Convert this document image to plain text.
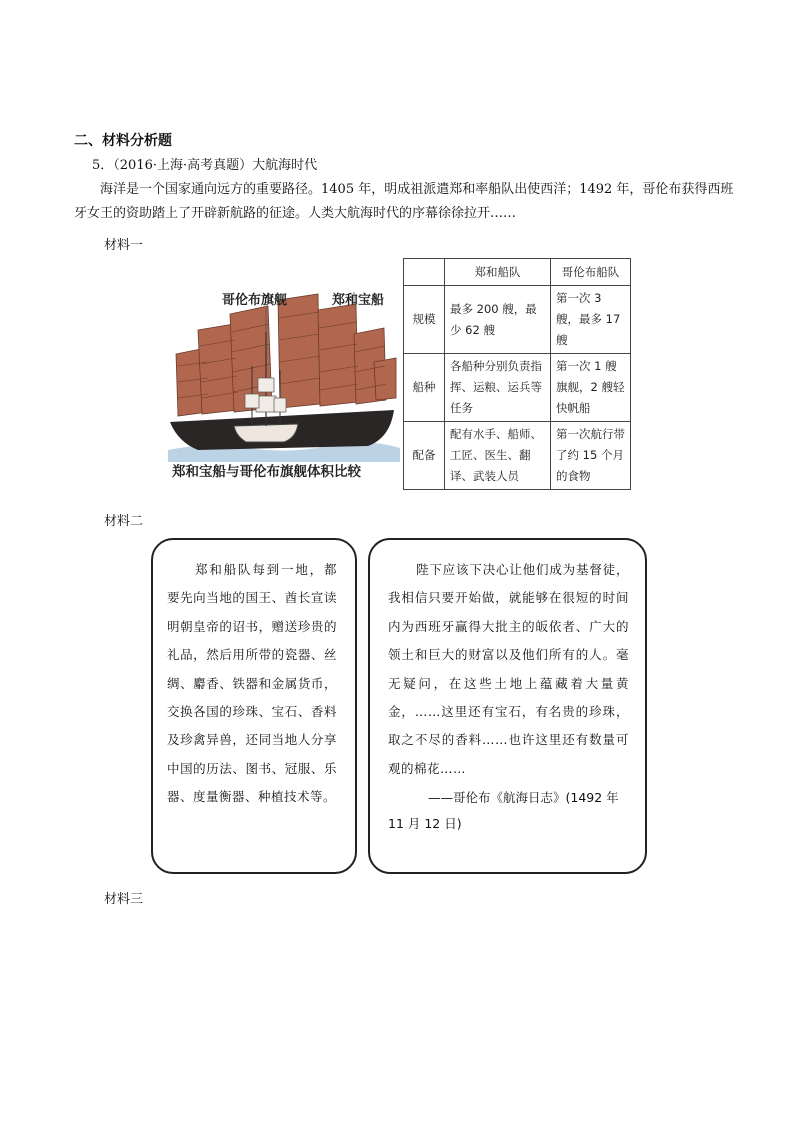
二、材料分析题
5．（2016·上海·高考真题）大航海时代
海洋是一个国家通向远方的重要路径。1405 年，明成祖派遣郑和率船队出使西洋；1492 年，哥伦布获得西班牙女王的资助踏上了开辟新航路的征途。人类大航海时代的序幕徐徐拉开……
材料一
哥伦布旗舰	郑和宝船
郑和宝船与哥伦布旗舰体积比较
	郑和船队	哥伦布船队
规模	最多 200 艘，最少 62 艘	第一次 3 艘，最多 17 艘
船种	各船种分别负责指挥、运粮、运兵等任务	第一次 1 艘旗舰，2 艘轻快帆船
配备	配有水手、船师、工匠、医生、翻译、武装人员	第一次航行带了约 15 个月的食物
材料二
郑和船队每到一地，都要先向当地的国王、酋长宣读明朝皇帝的诏书，赠送珍贵的礼品，然后用所带的瓷器、丝绸、麝香、铁器和金属货币，交换各国的珍珠、宝石、香料及珍禽异兽，还同当地人分享中国的历法、图书、冠服、乐器、度量衡器、种植技术等。
陛下应该下决心让他们成为基督徒，我相信只要开始做，就能够在很短的时间内为西班牙赢得大批主的皈依者、广大的领土和巨大的财富以及他们所有的人。毫无疑问，在这些土地上蕴藏着大量黄金，……这里还有宝石，有名贵的珍珠，取之不尽的香料……也许这里还有数量可观的棉花……
——哥伦布《航海日志》(1492 年 11 月 12 日)
材料三
